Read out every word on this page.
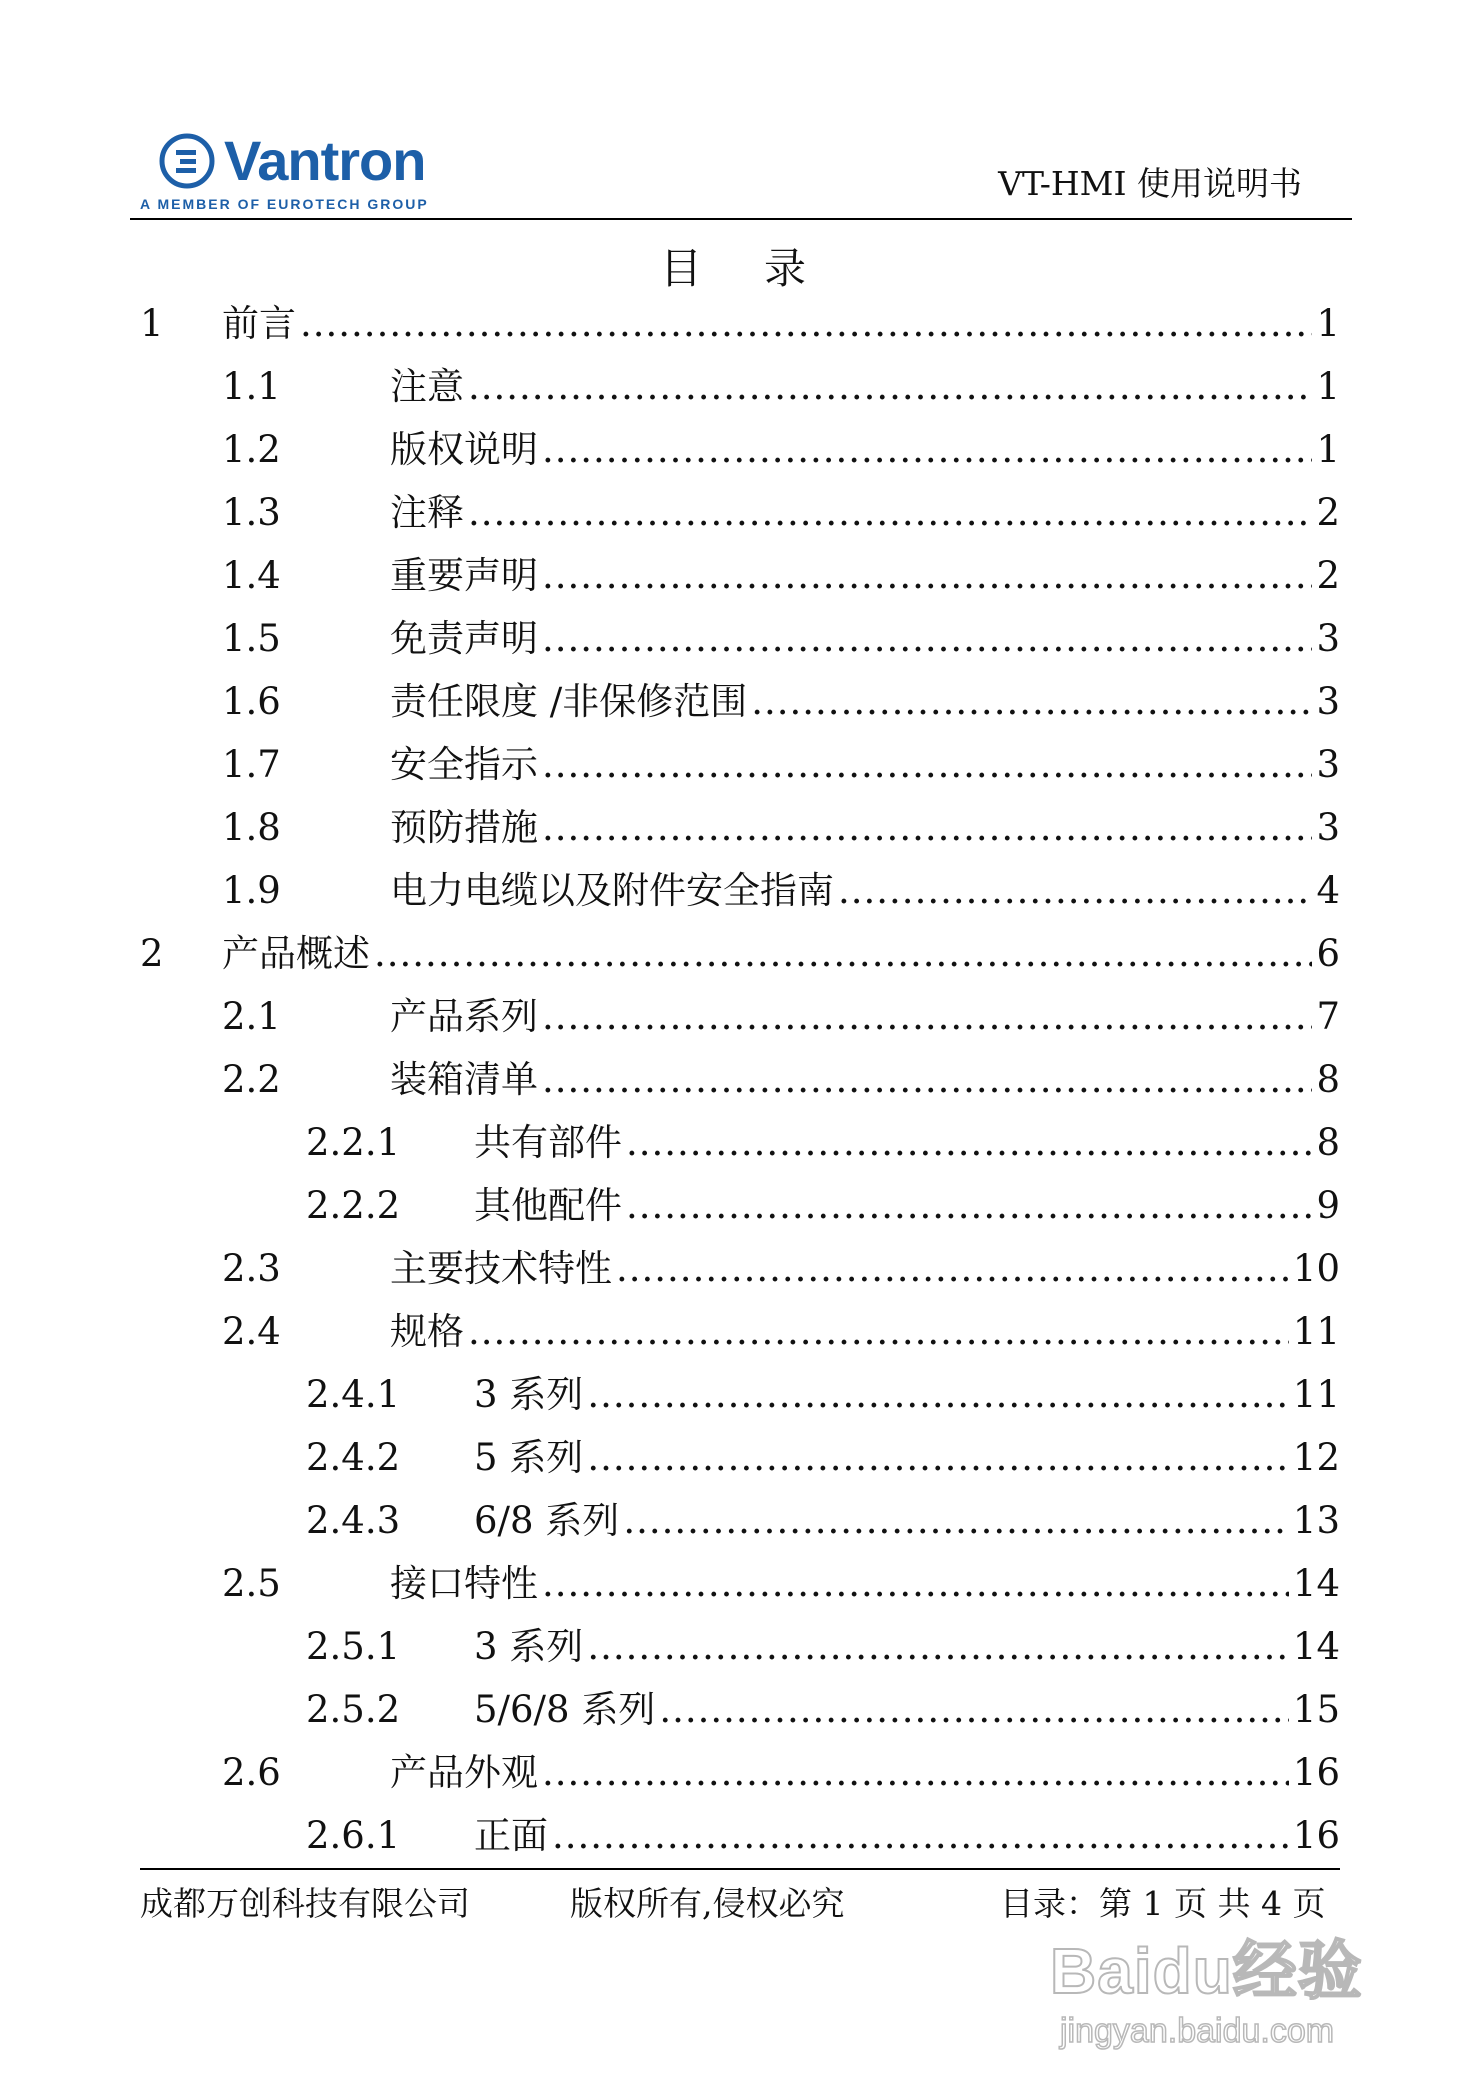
Vantron
A MEMBER OF EUROTECH GROUP
VT-HMI 使用说明书
目 录
1 前言 .....	1
1.1	注意 .....	1
1.2	版权说明 .....	1
1.3	注释 .....	2
1.4	重要声明 .....	2
1.5	免责声明 .....	3
1.6	责任限度 /非保修范围 .....	3
1.7	安全指示 .....	3
1.8	预防措施 .....	3
1.9	电力电缆以及附件安全指南 .....	4
2 产品概述 .....	6
2.1	产品系列 .....	7
2.2	装箱清单 .....	8
2.2.1 共有部件 .....	8
2.2.2 其他配件 .....	9
2.3	主要技术特性 .....	10
2.4	规格 .....	11
2.4.1 3 系列 .....	11
2.4.2 5 系列 .....	12
2.4.3 6/8 系列 .....	13
2.5	接口特性 .....	14
2.5.1 3 系列 .....	14
2.5.2 5/6/8 系列 .....	15
2.6	产品外观 .....	16
2.6.1 正面 .....	16
成都万创科技有限公司	版权所有,侵权必究	目录：第 1 页 共 4 页
Baidu经验
jingyan.baidu.com
